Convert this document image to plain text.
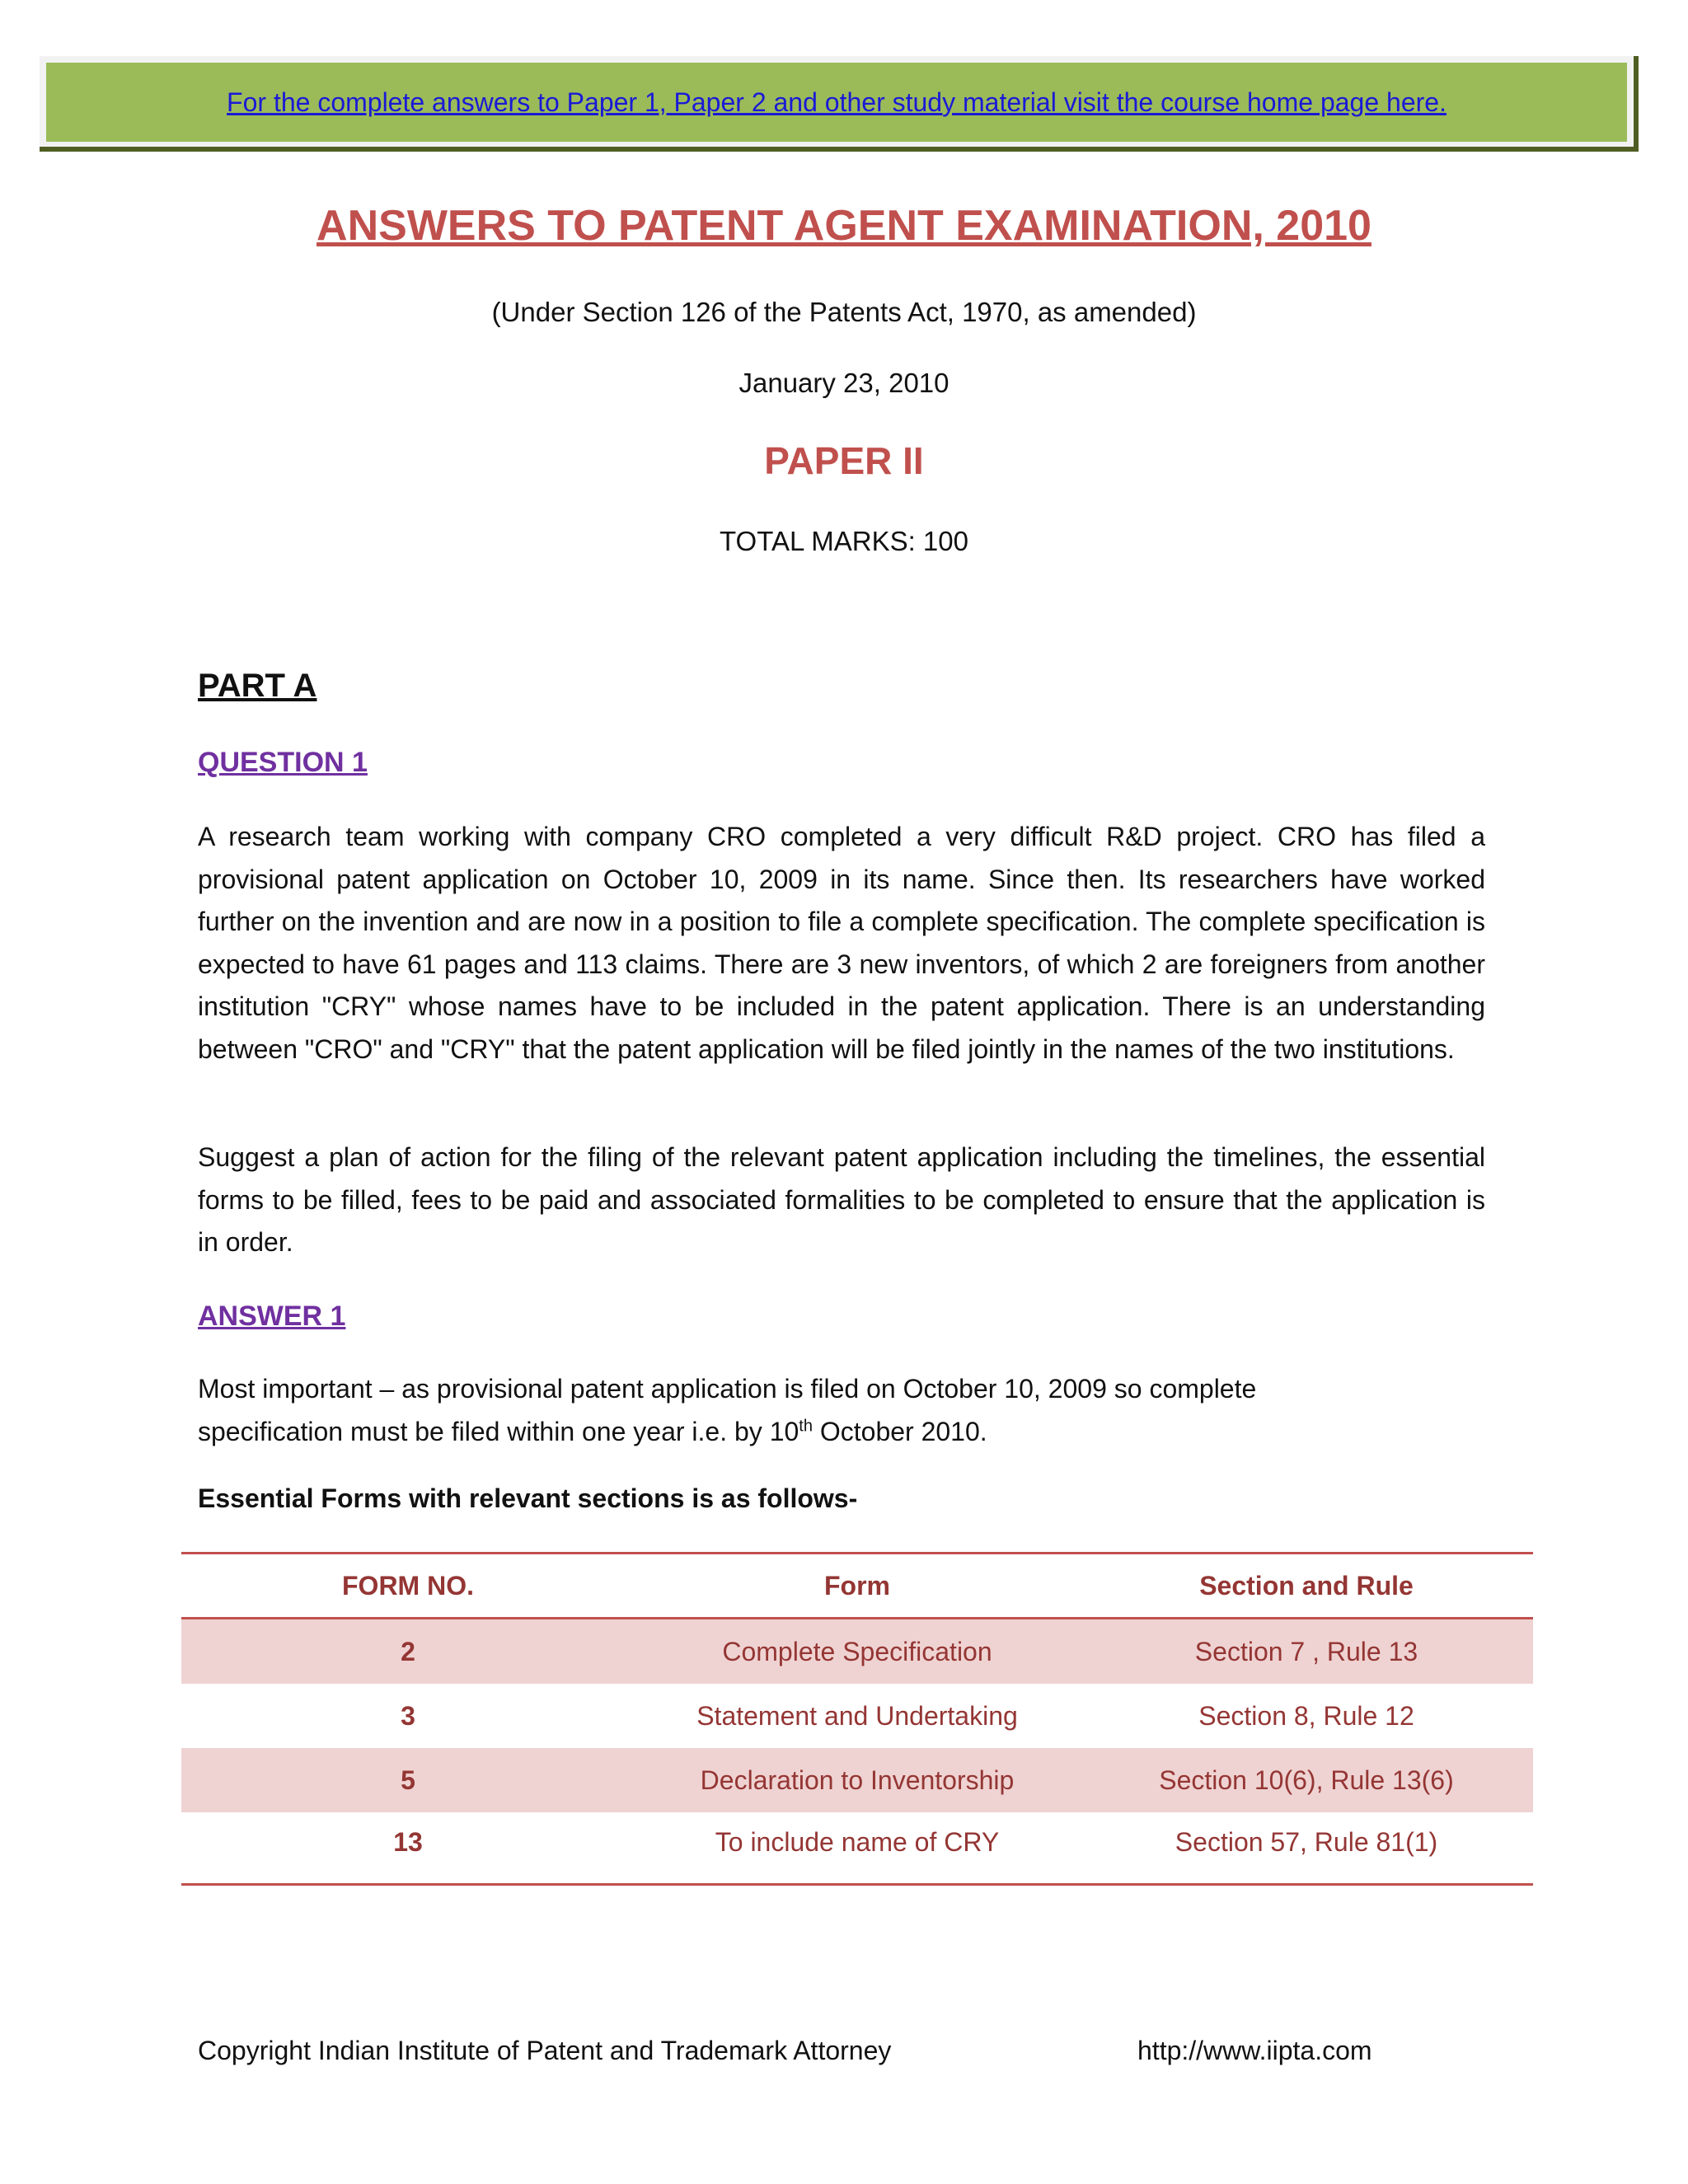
For the complete answers to Paper 1, Paper 2 and other study material visit the course home page here.
ANSWERS TO PATENT AGENT EXAMINATION, 2010
(Under Section 126 of the Patents Act, 1970, as amended)
January 23, 2010
PAPER II
TOTAL MARKS: 100
PART A
QUESTION 1

A research team working with company CRO completed a very difficult R&D project. CRO has filed a provisional patent application on October 10, 2009 in its name. Since then. Its researchers have worked further on the invention and are now in a position to file a complete specification. The complete specification is expected to have 61 pages and 113 claims. There are 3 new inventors, of which 2 are foreigners from another institution "CRY" whose names have to be included in the patent application. There is an understanding between "CRO" and "CRY" that the patent application will be filed jointly in the names of the two institutions.

Suggest a plan of action for the filing of the relevant patent application including the timelines, the essential forms to be filled, fees to be paid and associated formalities to be completed to ensure that the application is in order.

ANSWER 1
Most important – as provisional patent application is filed on October 10, 2009 so complete
specification must be filed within one year i.e. by 10th October 2010.
Essential Forms with relevant sections is as follows-
FORM NO.	Form	Section and Rule
2	Complete Specification	Section 7 , Rule 13
3	Statement and Undertaking	Section 8, Rule 12
5	Declaration to Inventorship	Section 10(6), Rule 13(6)
13	To include name of CRY	Section 57, Rule 81(1)
Copyright Indian Institute of Patent and Trademark Attorney	http://www.iipta.com
